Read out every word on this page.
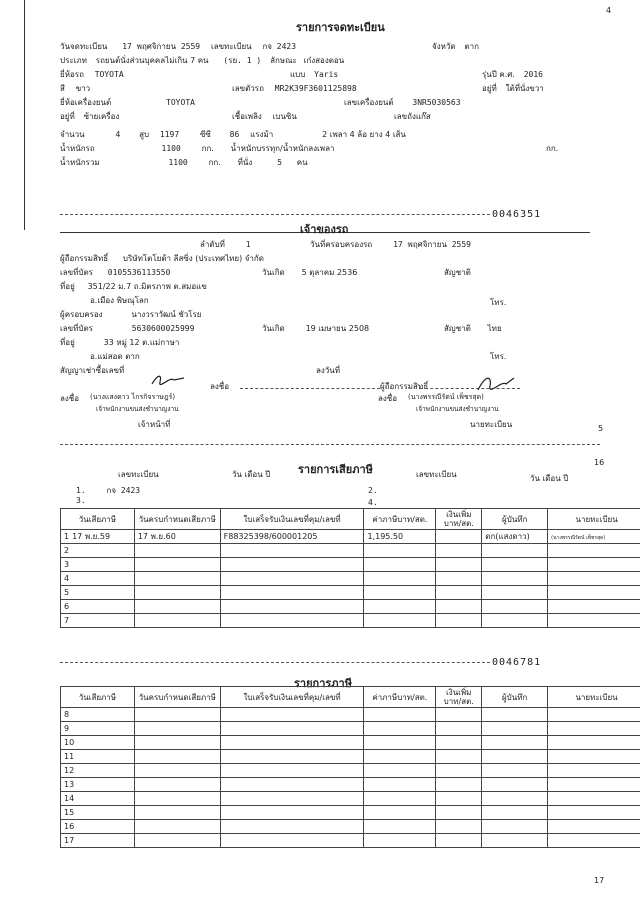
4
รายการจดทะเบียน
วันจดทะเบียน 17 พฤศจิกายน 2559 เลขทะเบียน กจ 2423	จังหวัด ตาก
ประเภท รถยนต์นั่งส่วนบุคคลไม่เกิน 7 คน (รย. 1 ) ลักษณะ เก๋งสองตอน
ยี่ห้อรถ TOYOTA	แบบ Yaris	รุ่นปี ค.ศ. 2016
สี ขาว	เลขตัวรถ MR2K39F3601125898	อยู่ที่ ใต้ที่นั่งขวา
ยี่ห้อเครื่องยนต์	TOYOTA	เลขเครื่องยนต์ 3NR5030563
อยู่ที่ ซ้ายเครื่อง	เชื้อเพลิง เบนซิน	เลขถังแก๊ส
จำนวน	4 สูบ 1197	ซีซี 86 แรงม้า	2 เพลา 4 ล้อ ยาง 4 เส้น
น้ำหนักรถ	1100	กก. น้ำหนักบรรทุก/น้ำหนักลงเพลา	กก.
น้ำหนักรวม	1100	กก. ที่นั่ง	5 คน
0046351
เจ้าของรถ
ลำดับที่	1	วันที่ครอบครองรถ	17 พฤศจิกายน 2559
ผู้ถือกรรมสิทธิ์ บริษัทโตโยต้า ลีสซิ่ง (ประเทศไทย) จำกัด
เลขที่บัตร 0105536113550	วันเกิด 5 ตุลาคม 2536	สัญชาติ
ที่อยู่ 351/22 ม.7 ถ.มิตรภาพ ต.สมอแข
อ.เมือง พิษณุโลก	โทร.
ผู้ครอบครอง	นางวราวัฒน์ ชัวโรย
เลขที่บัตร	5630600025999	วันเกิด	19 เมษายน 2508	สัญชาติ ไทย
ที่อยู่	33 หมู่ 12 ต.แม่กาษา
อ.แม่สอด ตาก	โทร.
สัญญาเช่าซื้อเลขที่	ลงวันที่
ลงชื่อ	ผู้ถือกรรมสิทธิ์
ลงชื่อ (นางแสงดาว ไกรกิจราษฎร์)
เจ้าพนักงานขนส่งชำนาญงาน
เจ้าหน้าที่
ลงชื่อ (นางพรรณีรัตน์ เพ็ชรสุด)
เจ้าพนักงานขนส่งชำนาญงาน
นายทะเบียน	5
16
รายการเสียภาษี
เลขทะเบียน	วัน เดือน ปี	เลขทะเบียน	วัน เดือน ปี
1.	กจ 2423	2.
3.	4.
วันเสียภาษี	วันครบกำหนดเสียภาษี	ใบเสร็จรับเงินเลขที่คุม/เลขที่	ค่าภาษีบาท/สต.	เงินเพิ่มบาท/สต.	ผู้บันทึก	นายทะเบียน
1 17 พ.ย.59	17 พ.ย.60	F88325398/600001205	1,195.50		ดก(แสงดาว)	(นางพรรณีรัตน์ เพ็ชรสุด)
2						
3						
4						
5						
6						
7						
0046781
รายการภาษี
วันเสียภาษี	วันครบกำหนดเสียภาษี	ใบเสร็จรับเงินเลขที่คุม/เลขที่	ค่าภาษีบาท/สต.	เงินเพิ่มบาท/สต.	ผู้บันทึก	นายทะเบียน
8						
9						
10						
11						
12						
13						
14						
15						
16						
17						
17
